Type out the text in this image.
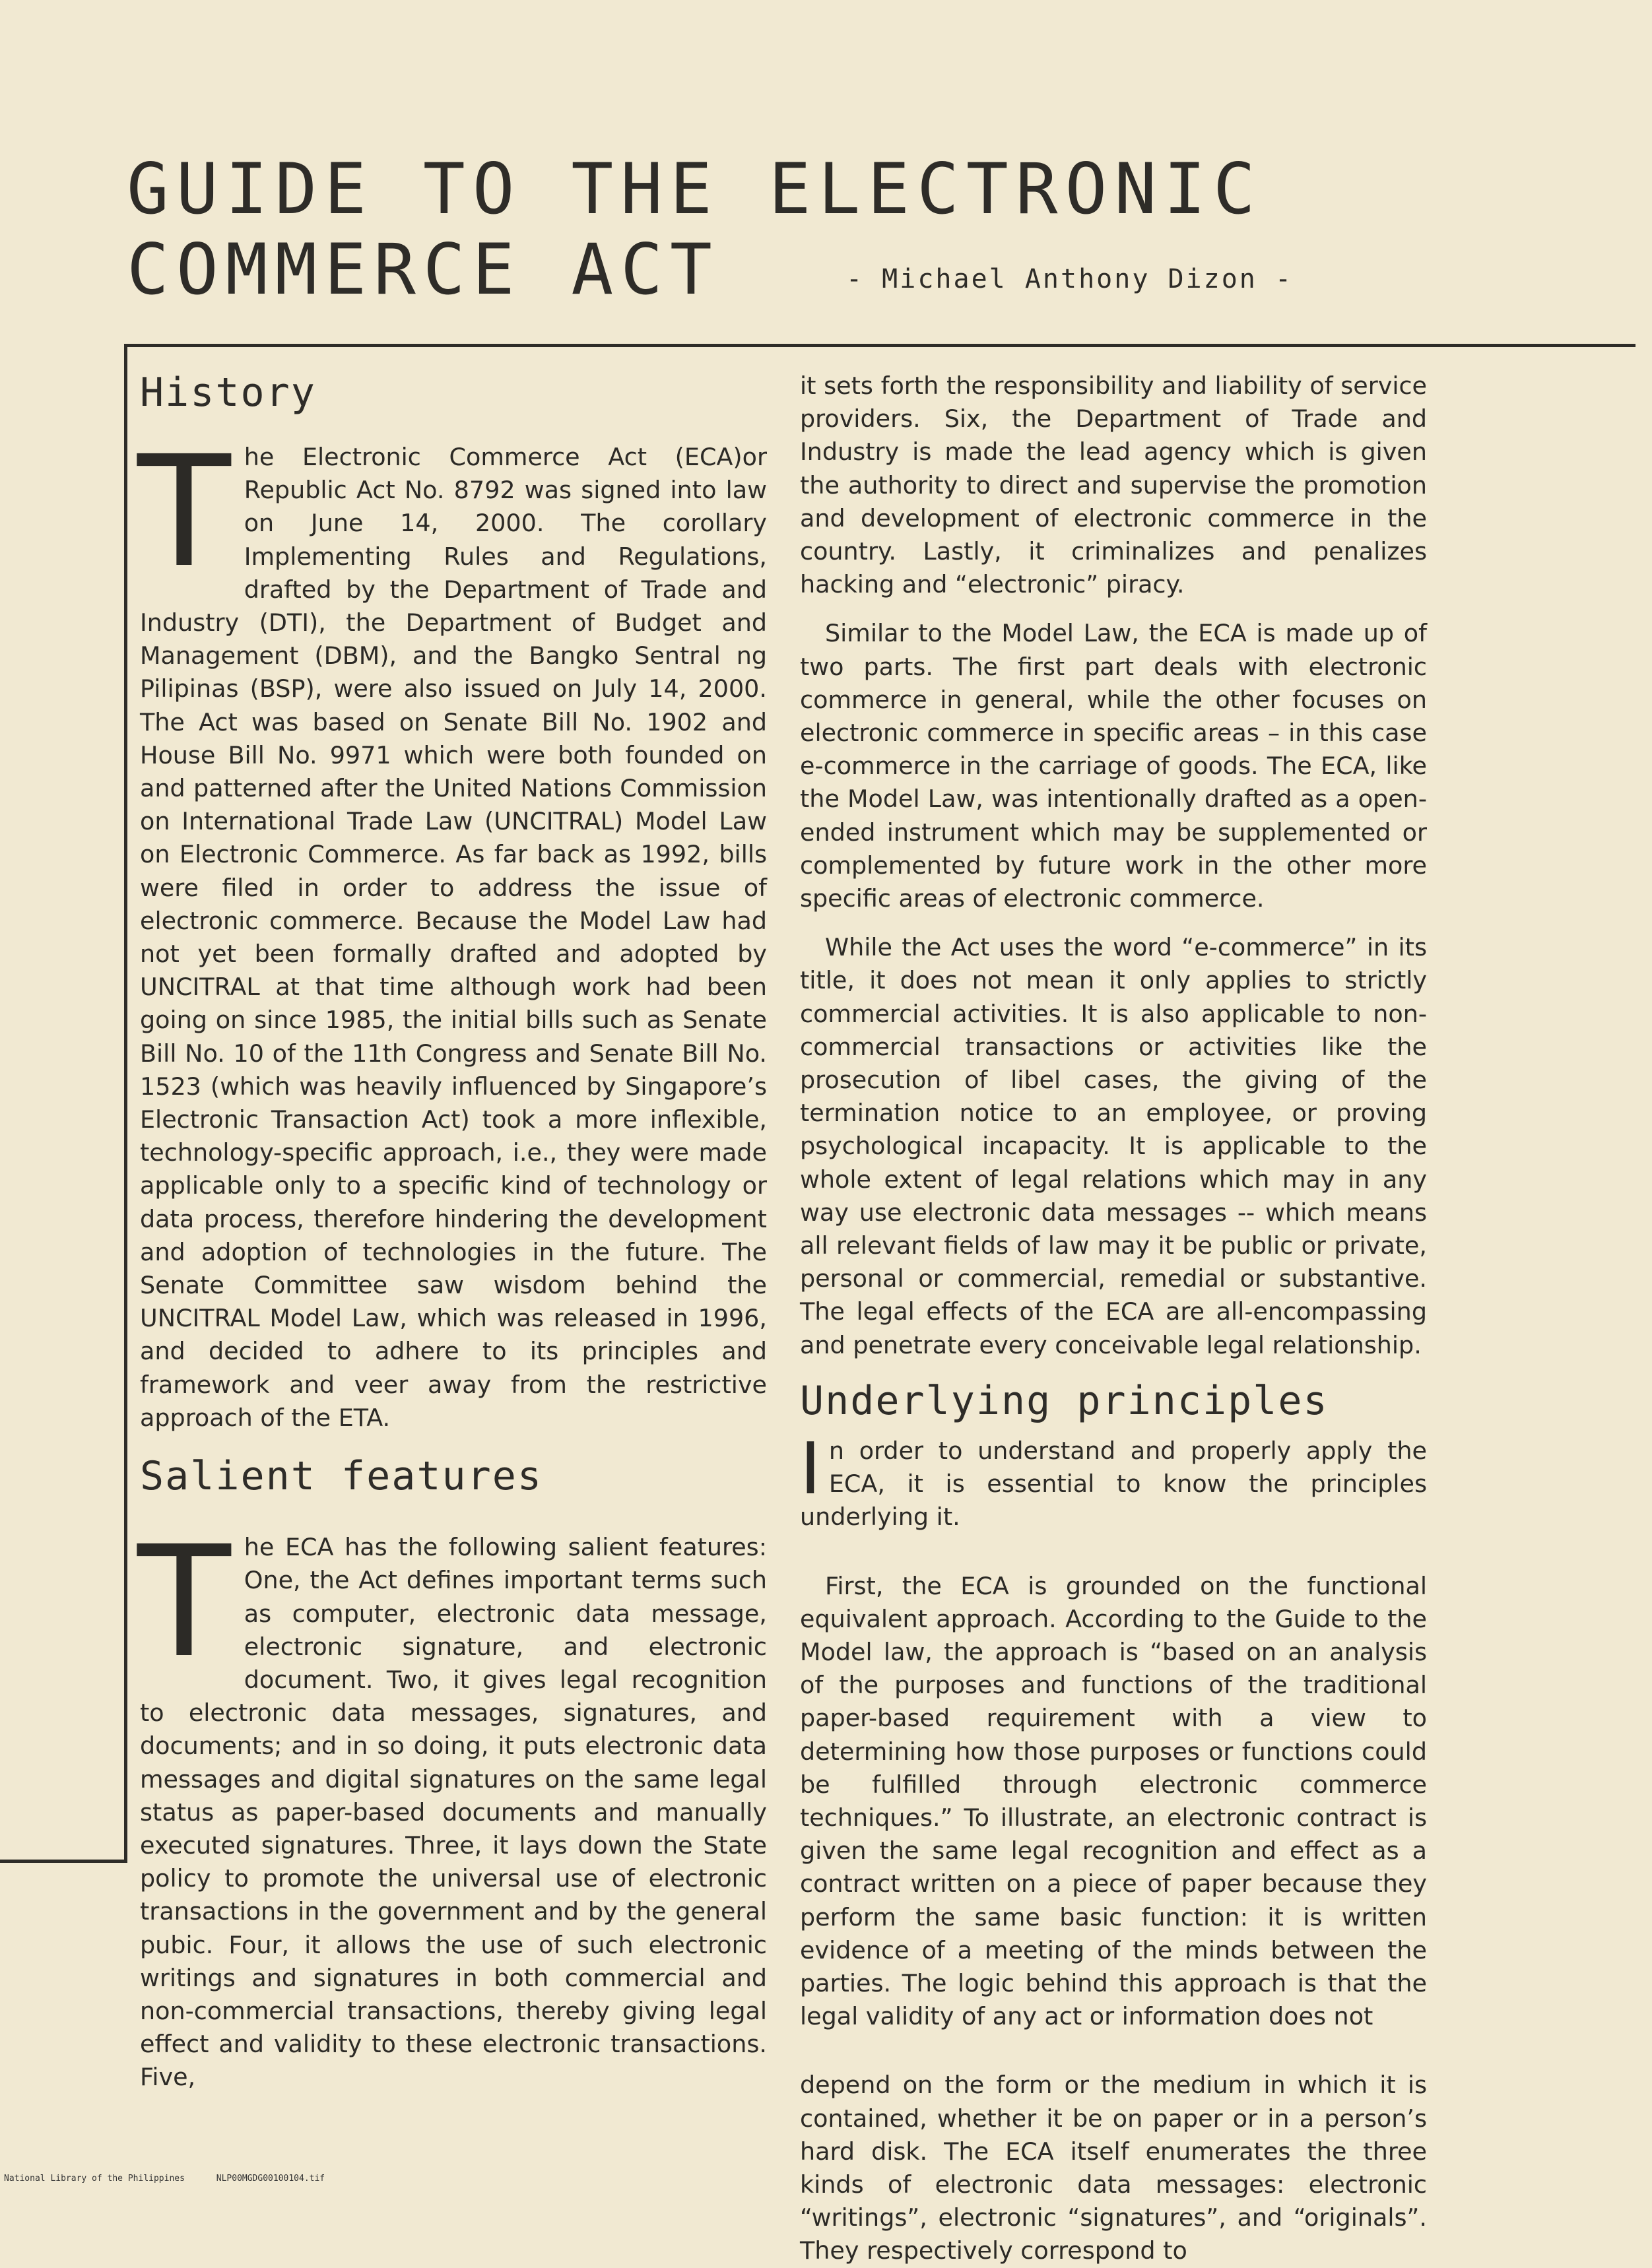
GUIDE TO THE ELECTRONIC
COMMERCE ACT	- Michael Anthony Dizon -

History

The Electronic Commerce Act (ECA)or Republic Act No. 8792 was signed into law on June 14, 2000. The corollary Implementing Rules and Regulations, drafted by the Department of Trade and Industry (DTI), the Department of Budget and Management (DBM), and the Bangko Sentral ng Pilipinas (BSP), were also issued on July 14, 2000. The Act was based on Senate Bill No. 1902 and House Bill No. 9971 which were both founded on and patterned after the United Nations Commission on International Trade Law (UNCITRAL) Model Law on Electronic Commerce. As far back as 1992, bills were filed in order to address the issue of electronic commerce. Because the Model Law had not yet been formally drafted and adopted by UNCITRAL at that time although work had been going on since 1985, the initial bills such as Senate Bill No. 10 of the 11th Congress and Senate Bill No. 1523 (which was heavily influenced by Singapore’s Electronic Transaction Act) took a more inflexible, technology-specific approach, i.e., they were made applicable only to a specific kind of technology or data process, therefore hindering the development and adoption of technologies in the future. The Senate Committee saw wisdom behind the UNCITRAL Model Law, which was released in 1996, and decided to adhere to its principles and framework and veer away from the restrictive approach of the ETA.

Salient features

The ECA has the following salient features: One, the Act defines important terms such as computer, electronic data message, electronic signature, and electronic document. Two, it gives legal recognition to electronic data messages, signatures, and documents; and in so doing, it puts electronic data messages and digital signatures on the same legal status as paper-based documents and manually executed signatures. Three, it lays down the State policy to promote the universal use of electronic transactions in the government and by the general pubic. Four, it allows the use of such electronic writings and signatures in both commercial and non-commercial transactions, thereby giving legal effect and validity to these electronic transactions. Five,

it sets forth the responsibility and liability of service providers. Six, the Department of Trade and Industry is made the lead agency which is given the authority to direct and supervise the promotion and development of electronic commerce in the country. Lastly, it criminalizes and penalizes hacking and “electronic” piracy.

Similar to the Model Law, the ECA is made up of two parts. The first part deals with electronic commerce in general, while the other focuses on electronic commerce in specific areas – in this case e-commerce in the carriage of goods. The ECA, like the Model Law, was intentionally drafted as a open-ended instrument which may be supplemented or complemented by future work in the other more specific areas of electronic commerce.

While the Act uses the word “e-commerce” in its title, it does not mean it only applies to strictly commercial activities. It is also applicable to non-commercial transactions or activities like the prosecution of libel cases, the giving of the termination notice to an employee, or proving psychological incapacity. It is applicable to the whole extent of legal relations which may in any way use electronic data messages -- which means all relevant fields of law may it be public or private, personal or commercial, remedial or substantive. The legal effects of the ECA are all-encompassing and penetrate every conceivable legal relationship.

Underlying principles

In order to understand and properly apply the ECA, it is essential to know the principles underlying it.

First, the ECA is grounded on the functional equivalent approach. According to the Guide to the Model law, the approach is “based on an analysis of the purposes and functions of the traditional paper-based requirement with a view to determining how those purposes or functions could be fulfilled through electronic commerce techniques.” To illustrate, an electronic contract is given the same legal recognition and effect as a contract written on a piece of paper because they perform the same basic function: it is written evidence of a meeting of the minds between the parties. The logic behind this approach is that the legal validity of any act or information does not

depend on the form or the medium in which it is contained, whether it be on paper or in a person’s hard disk. The ECA itself enumerates the three kinds of electronic data messages: electronic “writings”, electronic “signatures”, and “originals”. They respectively correspond to

National Library of the Philippines	NLP00MGDG00100104.tif
